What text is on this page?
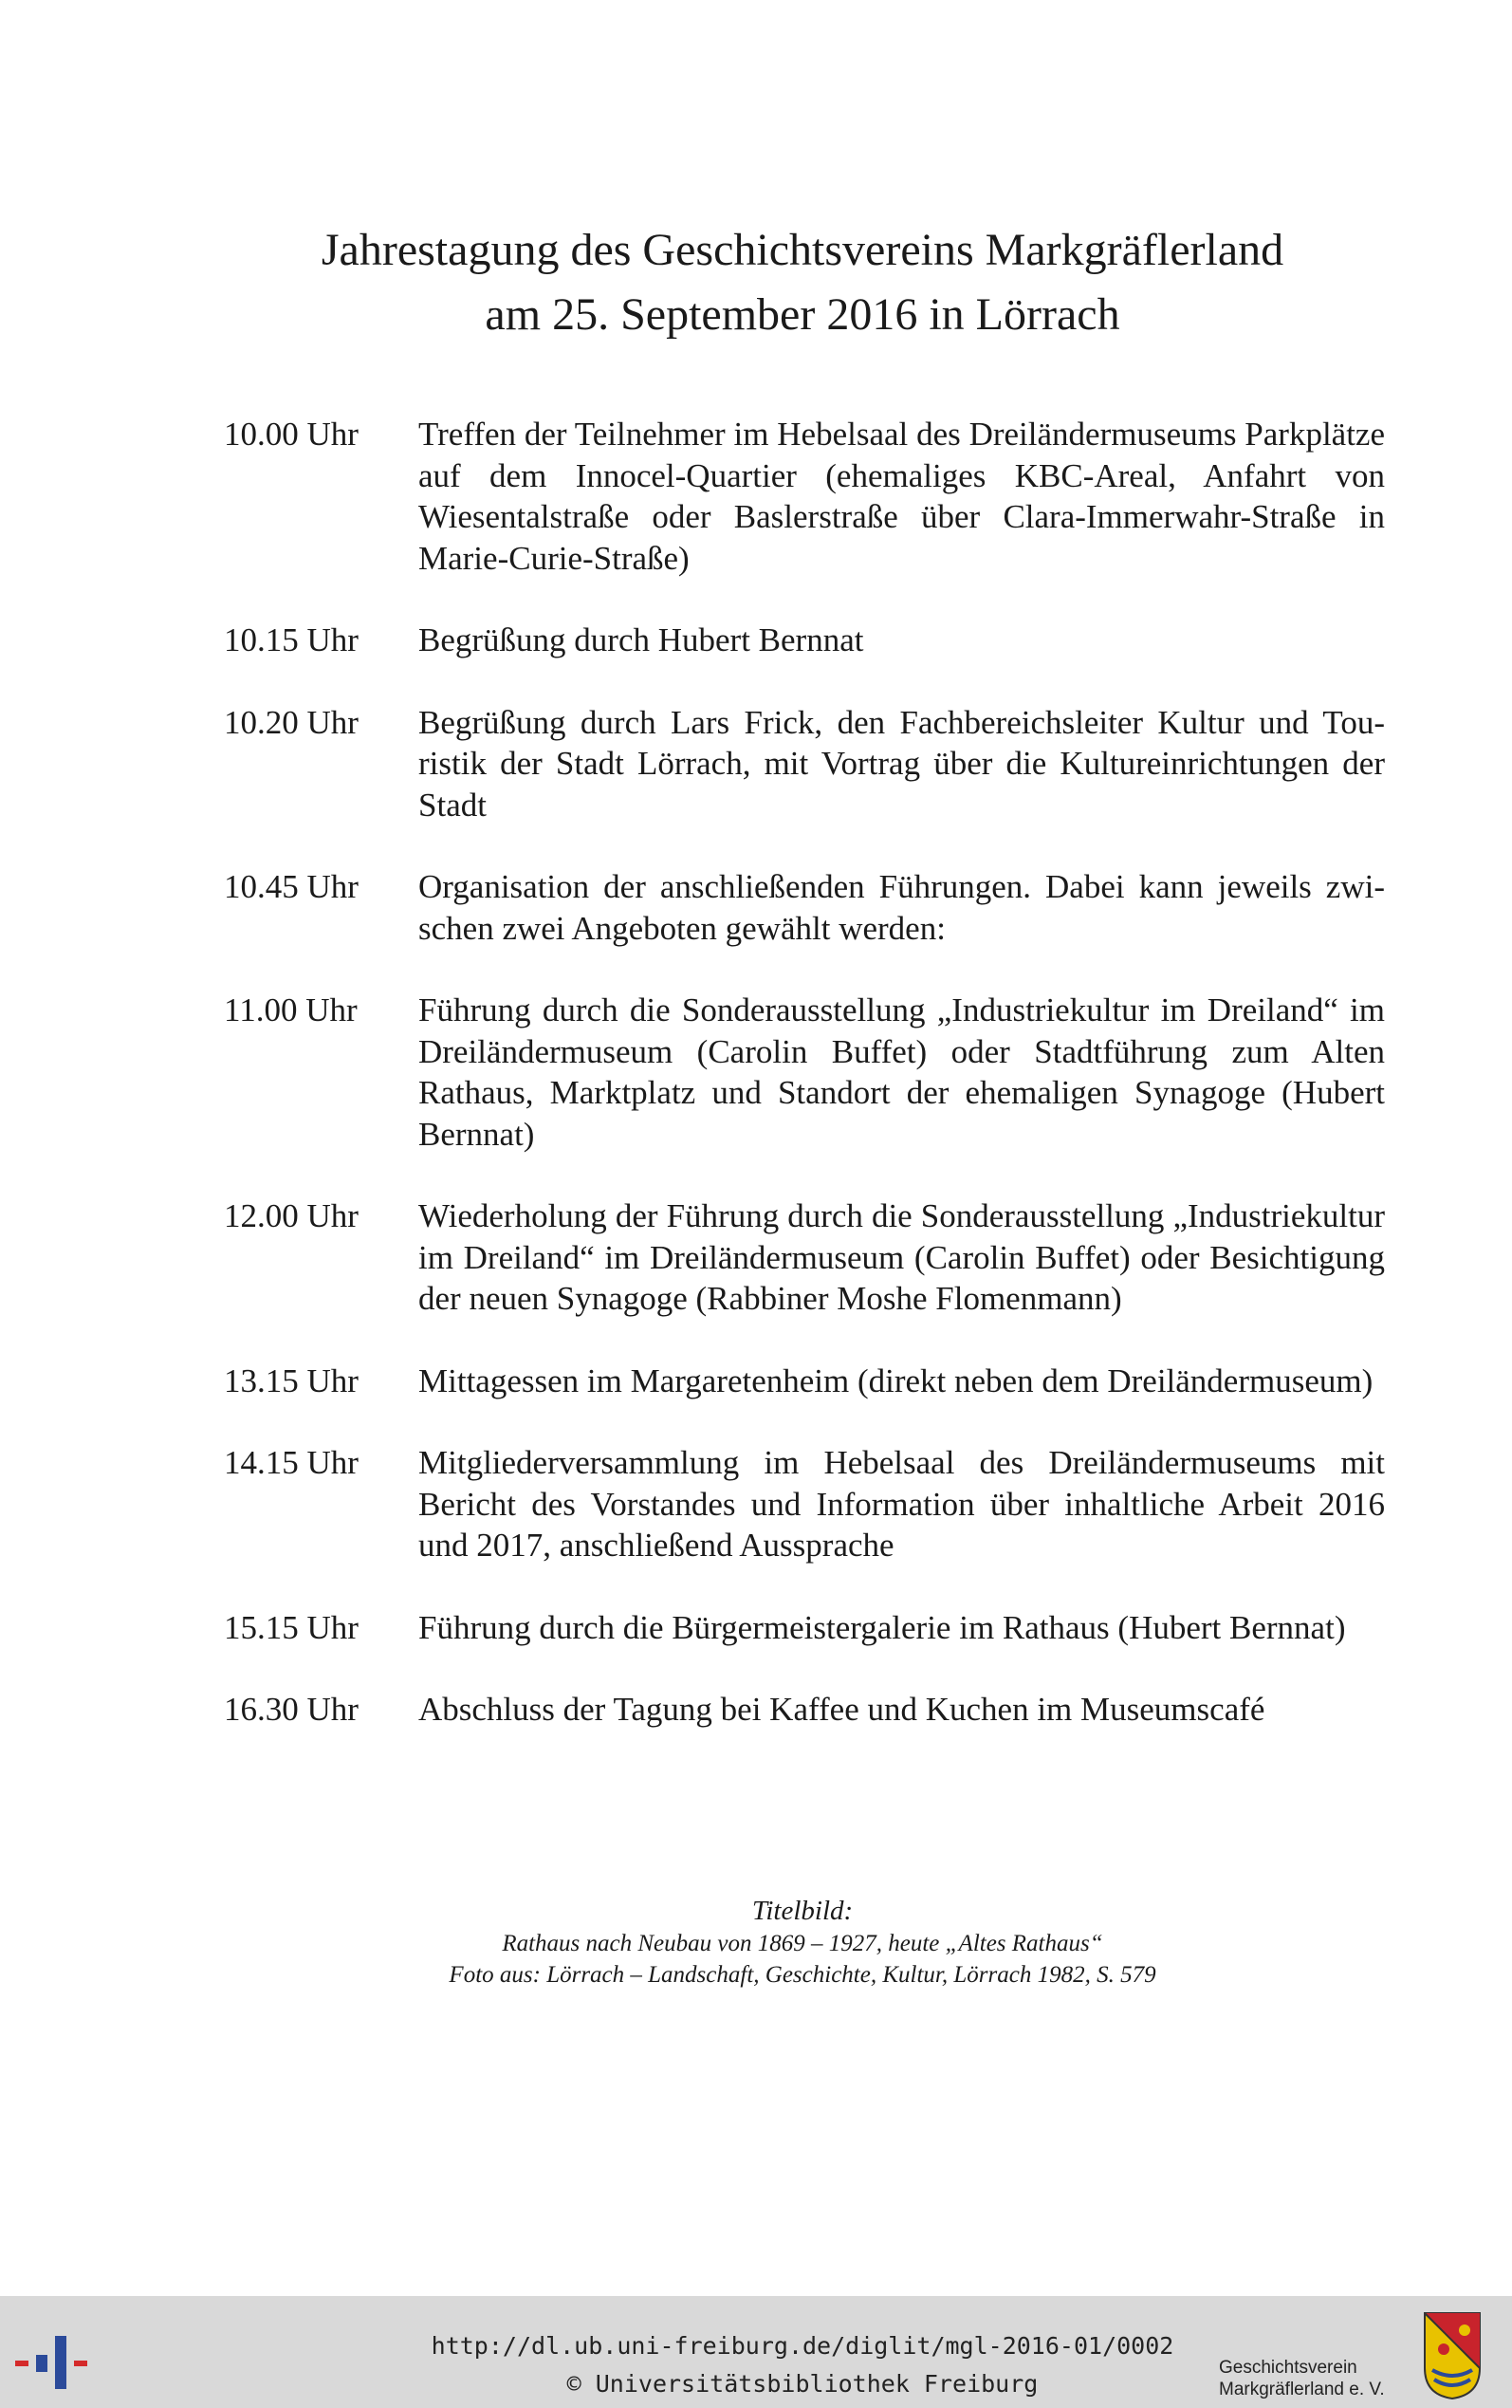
Jahrestagung des Geschichtsvereins Markgräflerland
am 25. September 2016 in Lörrach
10.00 Uhr	Treffen der Teilnehmer im Hebelsaal des Dreiländermuseums Parkplätze auf dem Innocel-Quartier (ehemaliges KBC-Areal, Anfahrt von Wiesentalstraße oder Baslerstraße über Clara-Immerwahr-Straße in Marie-Curie-Straße)
10.15 Uhr	Begrüßung durch Hubert Bernnat
10.20 Uhr	Begrüßung durch Lars Frick, den Fachbereichsleiter Kultur und Touristik der Stadt Lörrach, mit Vortrag über die Kultureinrichtungen der Stadt
10.45 Uhr	Organisation der anschließenden Führungen. Dabei kann jeweils zwischen zwei Angeboten gewählt werden:
11.00 Uhr	Führung durch die Sonderausstellung „Industriekultur im Dreiland“ im Dreiländermuseum (Carolin Buffet) oder Stadtführung zum Alten Rathaus, Marktplatz und Standort der ehemaligen Synagoge (Hubert Bernnat)
12.00 Uhr	Wiederholung der Führung durch die Sonderausstellung „Industriekultur im Dreiland“ im Dreiländermuseum (Carolin Buffet) oder Besichtigung der neuen Synagoge (Rabbiner Moshe Flomenmann)
13.15 Uhr	Mittagessen im Margaretenheim (direkt neben dem Dreiländermuseum)
14.15 Uhr	Mitgliederversammlung im Hebelsaal des Dreiländermuseums mit Bericht des Vorstandes und Information über inhaltliche Arbeit 2016 und 2017, anschließend Aussprache
15.15 Uhr	Führung durch die Bürgermeistergalerie im Rathaus (Hubert Bernnat)
16.30 Uhr	Abschluss der Tagung bei Kaffee und Kuchen im Museumscafé
Titelbild:
Rathaus nach Neubau von 1869 – 1927, heute „Altes Rathaus“
Foto aus: Lörrach – Landschaft, Geschichte, Kultur, Lörrach 1982, S. 579
http://dl.ub.uni-freiburg.de/diglit/mgl-2016-01/0002
© Universitätsbibliothek Freiburg
Geschichtsverein
Markgräflerland e. V.
